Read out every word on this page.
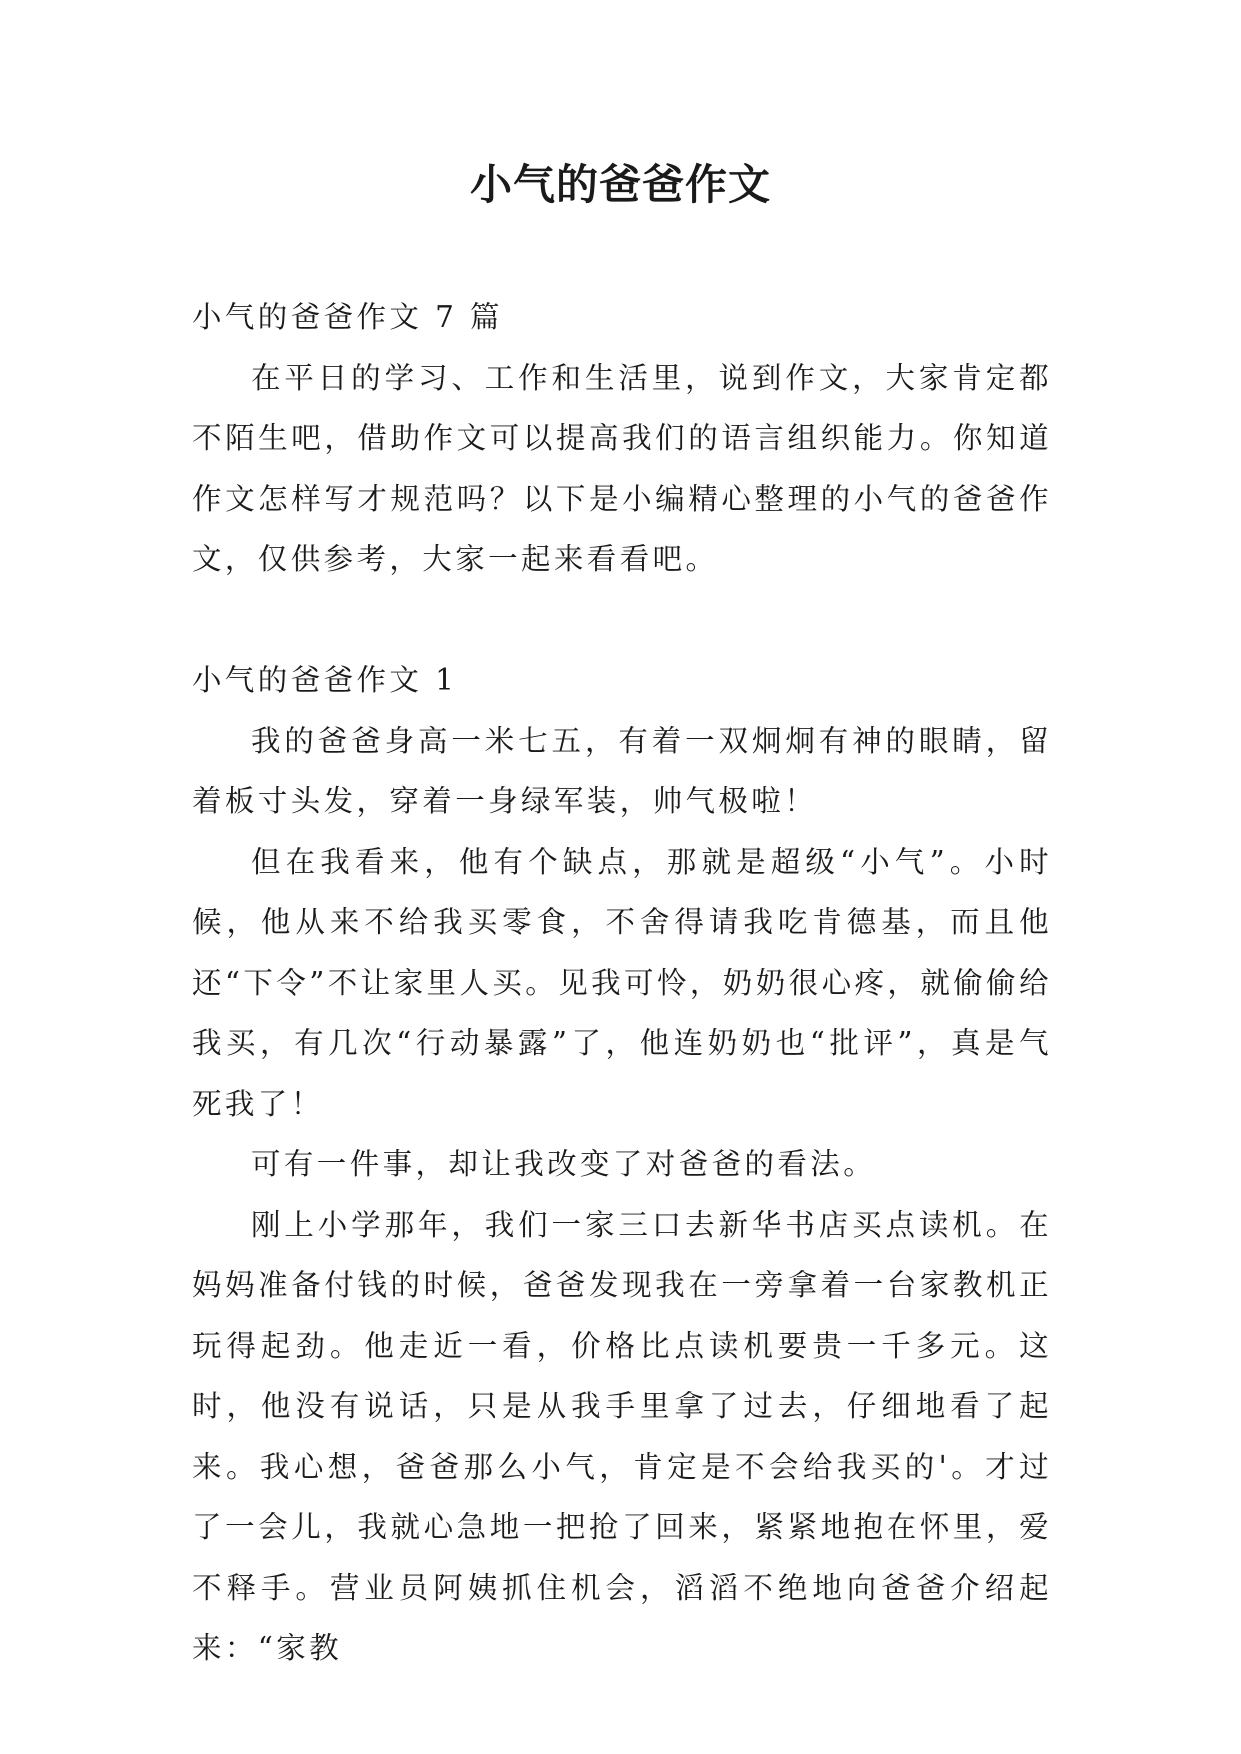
小气的爸爸作文

小气的爸爸作文 7 篇

在平日的学习、工作和生活里，说到作文，大家肯定都不陌生吧，借助作文可以提高我们的语言组织能力。你知道作文怎样写才规范吗？以下是小编精心整理的小气的爸爸作文，仅供参考，大家一起来看看吧。

小气的爸爸作文 1

我的爸爸身高一米七五，有着一双炯炯有神的眼睛，留着板寸头发，穿着一身绿军装，帅气极啦！

但在我看来，他有个缺点，那就是超级“小气”。小时候，他从来不给我买零食，不舍得请我吃肯德基，而且他还“下令”不让家里人买。见我可怜，奶奶很心疼，就偷偷给我买，有几次“行动暴露”了，他连奶奶也“批评”，真是气死我了！

可有一件事，却让我改变了对爸爸的看法。

刚上小学那年，我们一家三口去新华书店买点读机。在妈妈准备付钱的时候，爸爸发现我在一旁拿着一台家教机正玩得起劲。他走近一看，价格比点读机要贵一千多元。这时，他没有说话，只是从我手里拿了过去，仔细地看了起来。我心想，爸爸那么小气，肯定是不会给我买的'。才过了一会儿，我就心急地一把抢了回来，紧紧地抱在怀里，爱不释手。营业员阿姨抓住机会，滔滔不绝地向爸爸介绍起来：“家教
